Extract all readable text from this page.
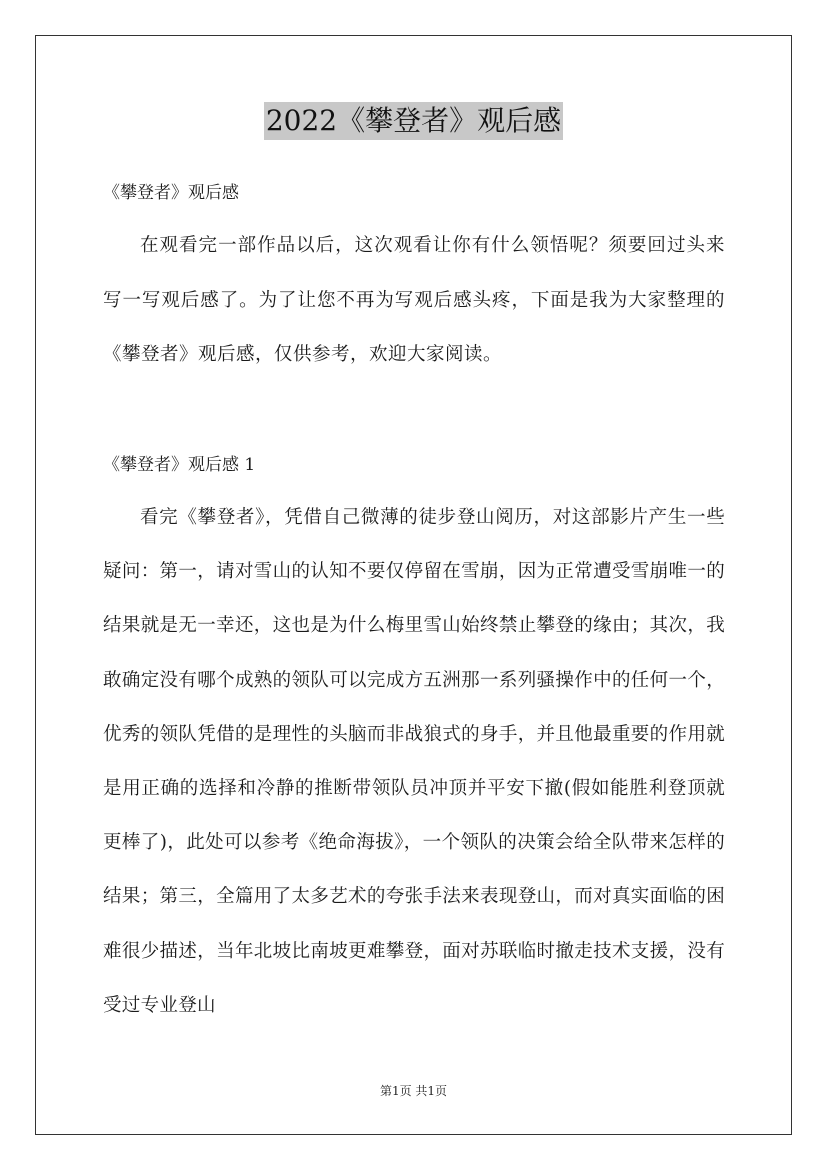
2022《攀登者》观后感
《攀登者》观后感

在观看完一部作品以后，这次观看让你有什么领悟呢？须要回过头来写一写观后感了。为了让您不再为写观后感头疼，下面是我为大家整理的《攀登者》观后感，仅供参考，欢迎大家阅读。

《攀登者》观后感 1

看完《攀登者》，凭借自己微薄的徒步登山阅历，对这部影片产生一些疑问：第一，请对雪山的认知不要仅停留在雪崩，因为正常遭受雪崩唯一的结果就是无一幸还，这也是为什么梅里雪山始终禁止攀登的缘由；其次，我敢确定没有哪个成熟的领队可以完成方五洲那一系列骚操作中的任何一个，优秀的领队凭借的是理性的头脑而非战狼式的身手，并且他最重要的作用就是用正确的选择和冷静的推断带领队员冲顶并平安下撤(假如能胜利登顶就更棒了)，此处可以参考《绝命海拔》，一个领队的决策会给全队带来怎样的结果；第三，全篇用了太多艺术的夸张手法来表现登山，而对真实面临的困难很少描述，当年北坡比南坡更难攀登，面对苏联临时撤走技术支援，没有受过专业登山

第1页 共1页
